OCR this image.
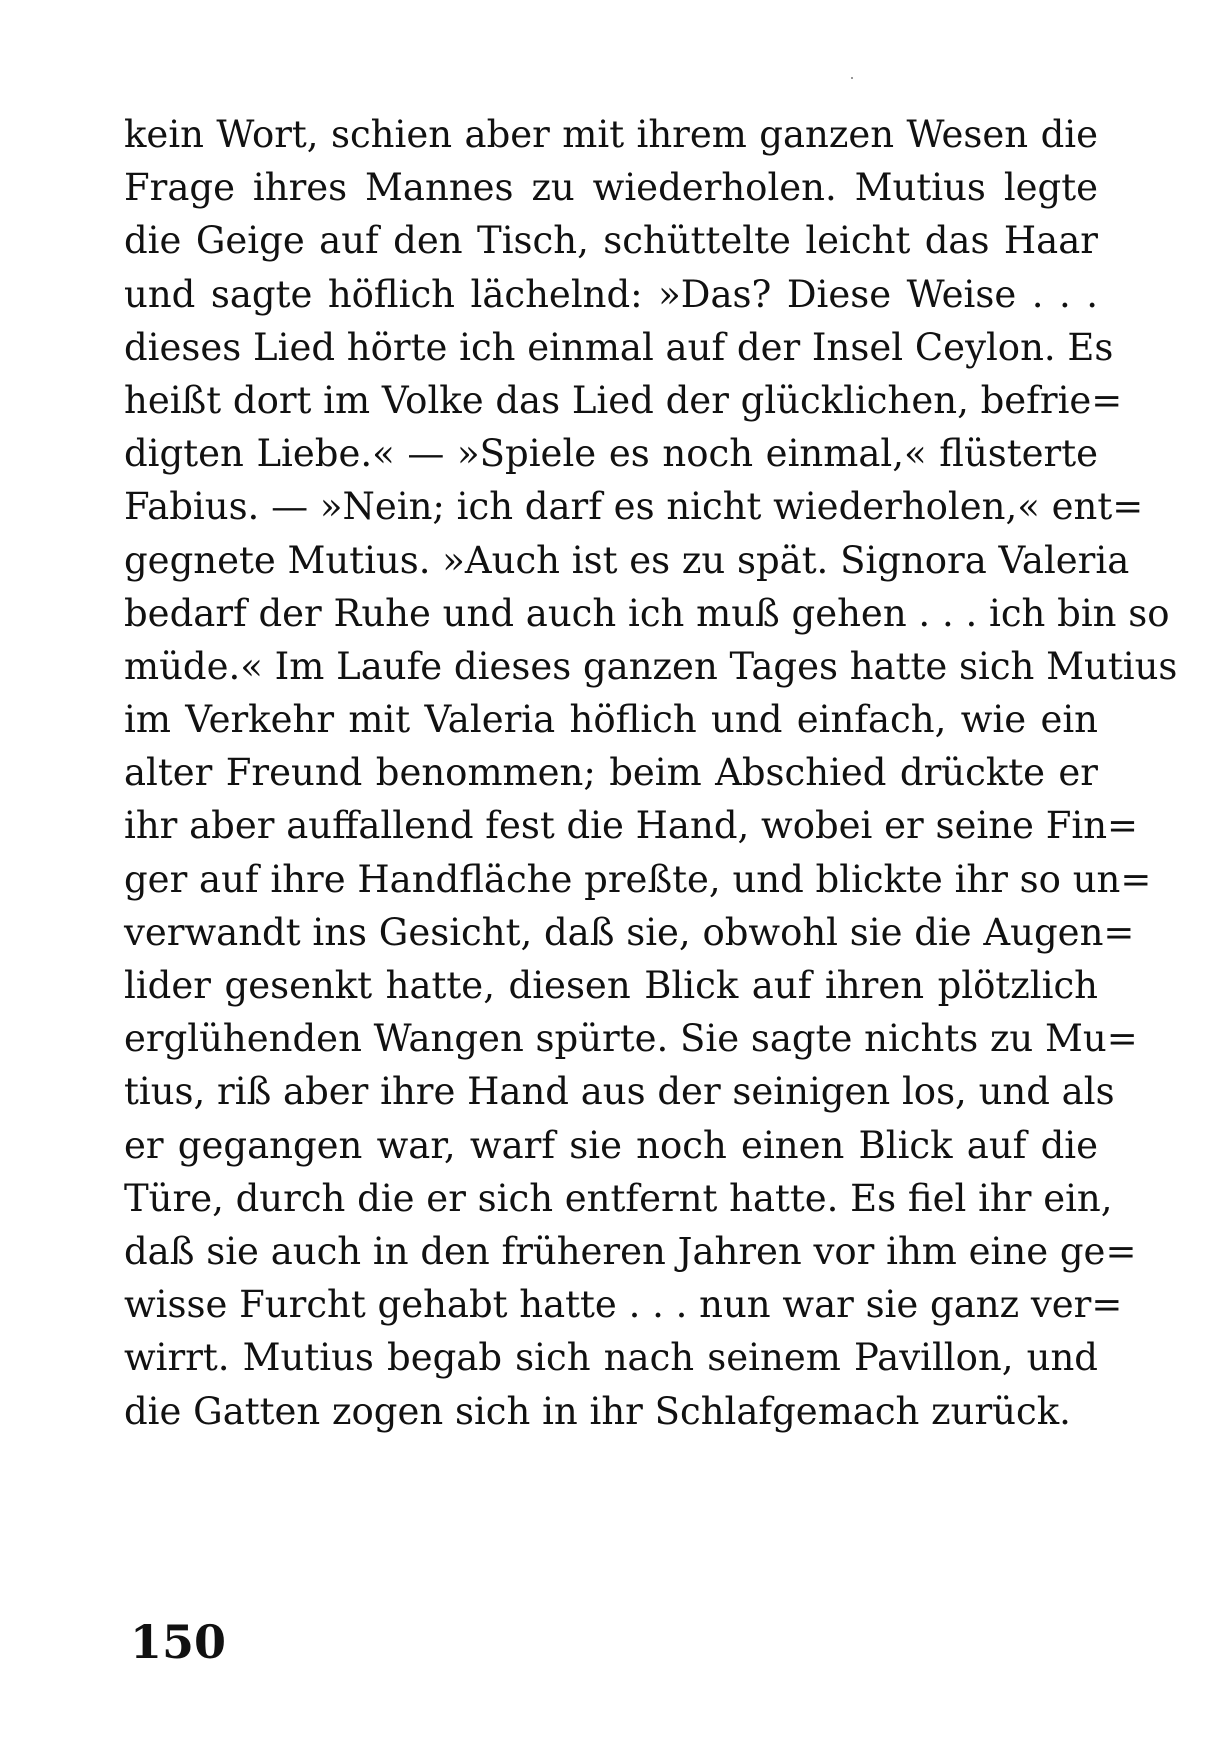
kein Wort, schien aber mit ihrem ganzen Wesen die
Frage ihres Mannes zu wiederholen. Mutius legte
die Geige auf den Tisch, schüttelte leicht das Haar
und sagte höflich lächelnd: »Das? Diese Weise . . .
dieses Lied hörte ich einmal auf der Insel Ceylon. Es
heißt dort im Volke das Lied der glücklichen, befrie=
digten Liebe.« — »Spiele es noch einmal,« flüsterte
Fabius. — »Nein; ich darf es nicht wiederholen,« ent=
gegnete Mutius. »Auch ist es zu spät. Signora Valeria
bedarf der Ruhe und auch ich muß gehen . . . ich bin so
müde.« Im Laufe dieses ganzen Tages hatte sich Mutius
im Verkehr mit Valeria höflich und einfach, wie ein
alter Freund benommen; beim Abschied drückte er
ihr aber auffallend fest die Hand, wobei er seine Fin=
ger auf ihre Handfläche preßte, und blickte ihr so un=
verwandt ins Gesicht, daß sie, obwohl sie die Augen=
lider gesenkt hatte, diesen Blick auf ihren plötzlich
erglühenden Wangen spürte. Sie sagte nichts zu Mu=
tius, riß aber ihre Hand aus der seinigen los, und als
er gegangen war, warf sie noch einen Blick auf die
Türe, durch die er sich entfernt hatte. Es fiel ihr ein,
daß sie auch in den früheren Jahren vor ihm eine ge=
wisse Furcht gehabt hatte . . . nun war sie ganz ver=
wirrt. Mutius begab sich nach seinem Pavillon, und
die Gatten zogen sich in ihr Schlafgemach zurück.
150
